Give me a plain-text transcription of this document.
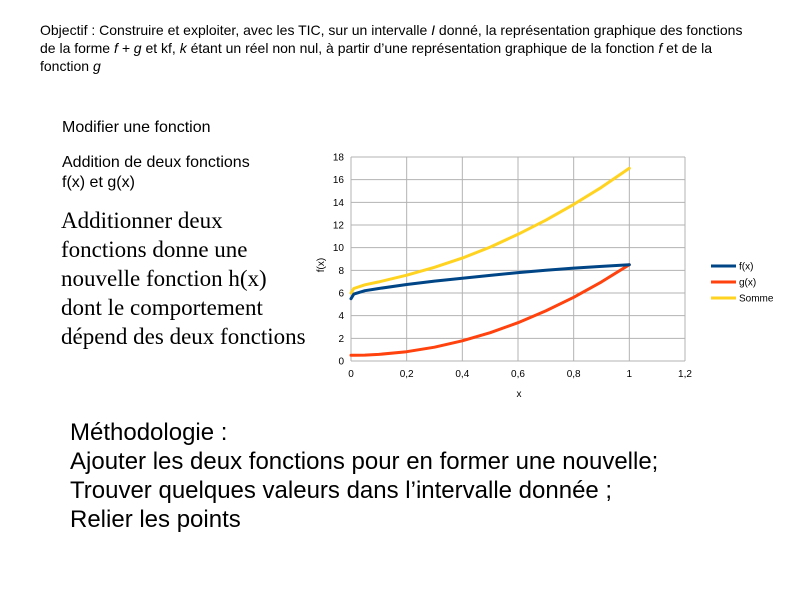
Objectif : Construire et exploiter, avec les TIC, sur un intervalle I donné, la représentation graphique des fonctions de la forme f + g et kf, k étant un réel non nul, à partir d’une représentation graphique de la fonction f et de la fonction g
Modifier une fonction
Addition de deux fonctions
f(x) et g(x)
Additionner deux fonctions donne une nouvelle fonction h(x) dont le comportement dépend des deux fonctions
0
2
4
6
8
10
12
14
16
18
0	0,2	0,4	0,6	0,8	1	1,2
x
f(x)	f(x)
g(x)
Somme
Méthodologie :
Ajouter les deux fonctions pour en former une nouvelle;
Trouver quelques valeurs dans l’intervalle donnée ;
Relier les points
